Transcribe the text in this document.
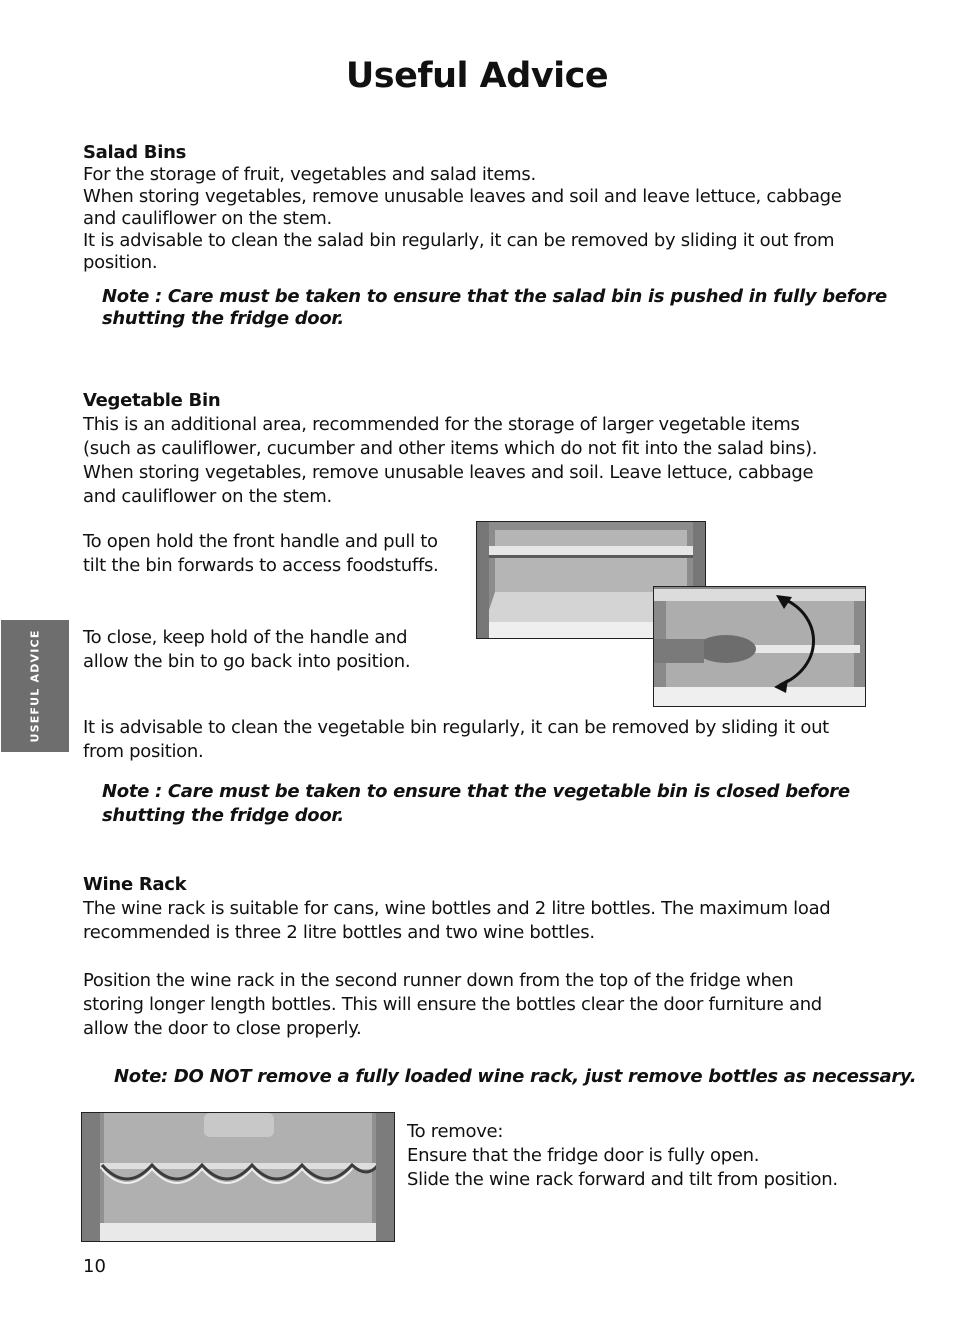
Useful Advice
USEFUL ADVICE

Salad Bins

For the storage of fruit, vegetables and salad items.

When storing vegetables, remove unusable leaves and soil and leave lettuce, cabbage

and cauliflower on the stem.

It is advisable to clean the salad bin regularly, it can be removed by sliding it out from

position.

Note : Care must be taken to ensure that the salad bin is pushed in fully before

shutting the fridge door.

Vegetable Bin

This is an additional area, recommended for the storage of larger vegetable items

(such as cauliflower, cucumber and other items which do not fit into the salad bins).

When storing vegetables, remove unusable leaves and soil. Leave lettuce, cabbage

and cauliflower on the stem.

To open hold the front handle and pull to

tilt the bin forwards to access foodstuffs.

To close, keep hold of the handle and

allow the bin to go back into position.

It is advisable to clean the vegetable bin regularly, it can be removed by sliding it out

from position.

Note : Care must be taken to ensure that the vegetable bin is closed before

shutting the fridge door.

Wine Rack

The wine rack is suitable for cans, wine bottles and 2 litre bottles. The maximum load

recommended is three 2 litre bottles and two wine bottles.

Position the wine rack in the second runner down from the top of the fridge when

storing longer length bottles. This will ensure the bottles clear the door furniture and

allow the door to close properly.

Note: DO NOT remove a fully loaded wine rack, just remove bottles as necessary.

To remove:

Ensure that the fridge door is fully open.

Slide the wine rack forward and tilt from position.

10
